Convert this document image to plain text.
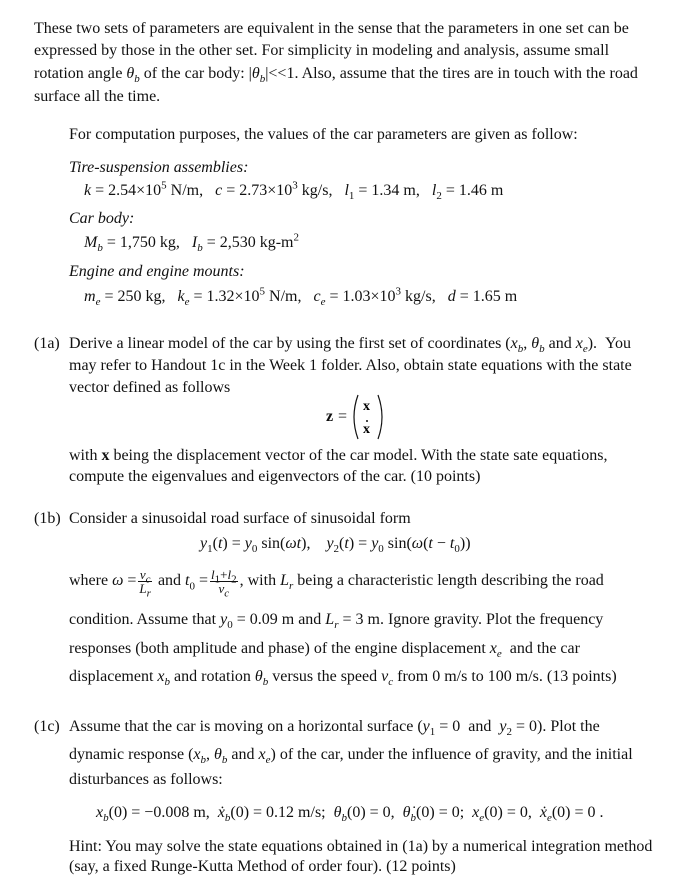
These two sets of parameters are equivalent in the sense that the parameters in one set can be
expressed by those in the other set. For simplicity in modeling and analysis, assume small
rotation angle $\theta_b$ of the car body: $|\theta_b|<<1$. Also, assume that the tires are in touch with the road
surface all the time.
For computation purposes, the values of the car parameters are given as follow:
Tire-suspension assemblies:
$k = 2.54\times 10^5$ N/m,   $c = 2.73\times 10^3$ kg/s,   $l_1 = 1.34$ m,   $l_2 = 1.46$ m
Car body:
$M_b = 1,750$ kg,   $I_b = 2,530$ $kg-m^2$
Engine and engine mounts:
$m_e = 250$ kg,   $k_e = 1.32\times 10^5$ N/m,   $c_e = 1.03\times 10^3$ kg/s,   d = 1.65 m
(1a) Derive a linear model of the car by using the first set of coordinates ($x_b$, $\theta_b$ and $x_e$).  You
may refer to Handout 1c in the Week 1 folder. Also, obtain state equations with the state
vector defined as follows
z =
x
x
with x being the displacement vector of the car model. With the state sate equations,
compute the eigenvalues and eigenvectors of the car. (10 points)
(1b) Consider a sinusoidal road surface of sinusoidal form
$y_1(t) = y_0$ sin(ωt),    $y_2(t) = y_0$ $\sin(\omega(t - t_0))$
where $\omega = \frac{v_c}{L_r}$ and $t_0 = \frac{l_1+l_2}{v_c}$ , with $L_r$ being a characteristic length describing the road
condition. Assume that $y_0 = 0.09$ m and $L_r = 3$ m. Ignore gravity. Plot the frequency
responses (both amplitude and phase) of the engine displacement $x_e$  and the car
displacement $x_b$ and rotation $\theta_b$ versus the speed $v_c$ from 0 m/s to 100 m/s. (13 points)
(1c) Assume that the car is moving on a horizontal surface ($y_1 = 0$  and  $y_2 = 0$). Plot the
dynamic response ($x_b$, $\theta_b$ and $x_e$) of the car, under the influence of gravity, and the initial
disturbances as follows:
$x_b(0) = -0.008$ m,  ẋ$_b$(0) = 0.12 m/s;  $\theta_b(0) = 0$,  $\thetȧ_b(0) = 0$;  $x_e(0) = 0$,  ẋ$_e$(0) = 0 .
Hint: You may solve the state equations obtained in (1a) by a numerical integration method
(say, a fixed Runge-Kutta Method of order four). (12 points)
